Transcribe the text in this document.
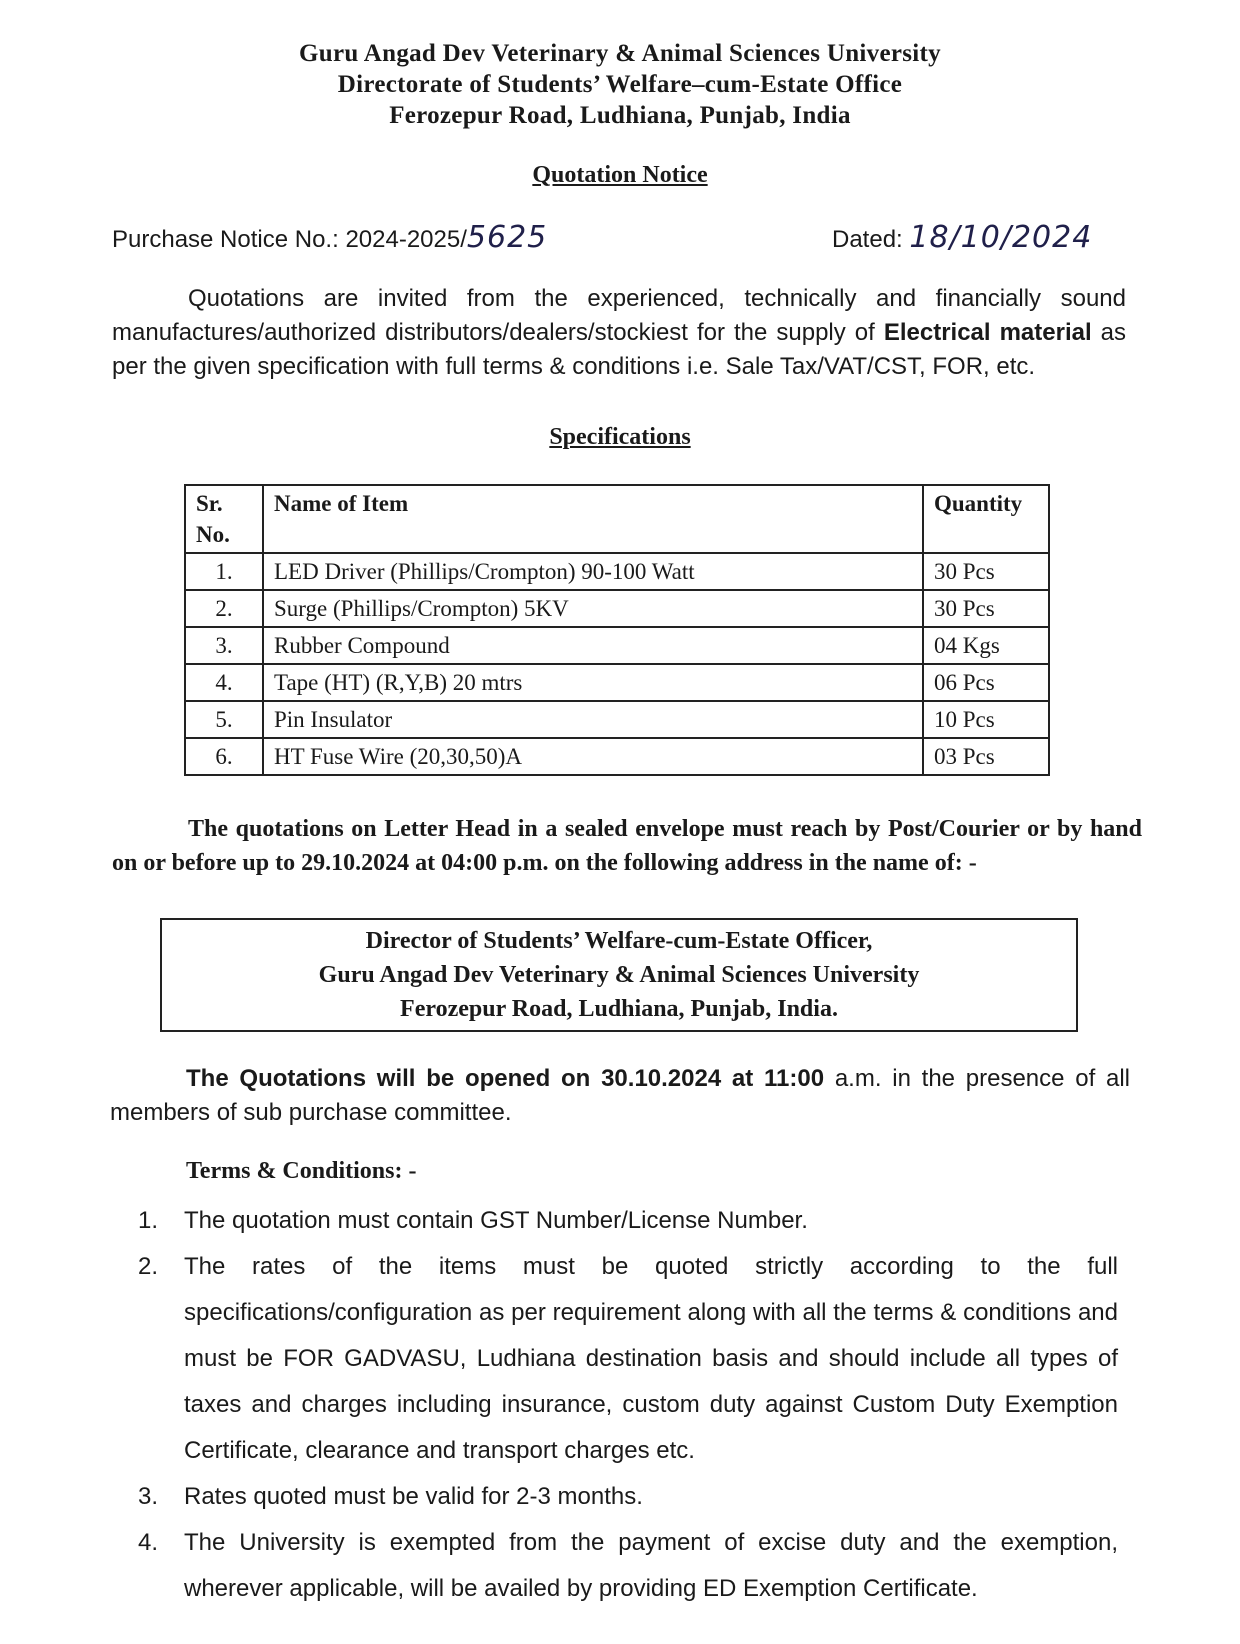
Guru Angad Dev Veterinary & Animal Sciences University
Directorate of Students’ Welfare–cum-Estate Office
Ferozepur Road, Ludhiana, Punjab, India
Quotation Notice
Purchase Notice No.: 2024-2025/5625	Dated: 18/10/2024
Quotations are invited from the experienced, technically and financially sound manufactures/authorized distributors/dealers/stockiest for the supply of Electrical material as per the given specification with full terms & conditions i.e. Sale Tax/VAT/CST, FOR, etc.
Specifications
Sr. No.	Name of Item	Quantity
1.	LED Driver (Phillips/Crompton) 90-100 Watt	30 Pcs
2.	Surge (Phillips/Crompton) 5KV	30 Pcs
3.	Rubber Compound	04 Kgs
4.	Tape (HT) (R,Y,B) 20 mtrs	06 Pcs
5.	Pin Insulator	10 Pcs
6.	HT Fuse Wire (20,30,50)A	03 Pcs
The quotations on Letter Head in a sealed envelope must reach by Post/Courier or by hand on or before up to 29.10.2024 at 04:00 p.m. on the following address in the name of: -
Director of Students’ Welfare-cum-Estate Officer,
Guru Angad Dev Veterinary & Animal Sciences University
Ferozepur Road, Ludhiana, Punjab, India.
The Quotations will be opened on 30.10.2024 at 11:00 a.m. in the presence of all members of sub purchase committee.
Terms & Conditions: -
1. The quotation must contain GST Number/License Number.
2. The rates of the items must be quoted strictly according to the full specifications/configuration as per requirement along with all the terms & conditions and must be FOR GADVASU, Ludhiana destination basis and should include all types of taxes and charges including insurance, custom duty against Custom Duty Exemption Certificate, clearance and transport charges etc.
3. Rates quoted must be valid for 2-3 months.
4. The University is exempted from the payment of excise duty and the exemption, wherever applicable, will be availed by providing ED Exemption Certificate.
